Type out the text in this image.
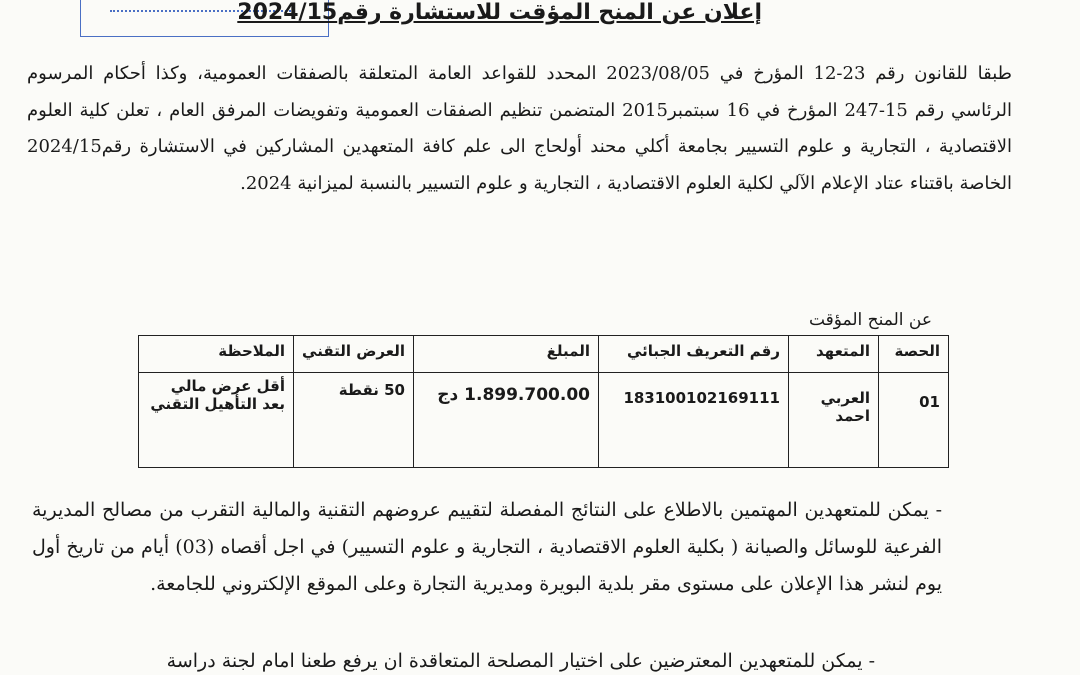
إعلان عن المنح المؤقت للاستشارة رقم2024/15
طبقا للقانون رقم 23-12 المؤرخ في 2023/08/05 المحدد للقواعد العامة المتعلقة بالصفقات العمومية، وكذا أحكام المرسوم الرئاسي رقم 15-247 المؤرخ في 16 سبتمبر2015 المتضمن تنظيم الصفقات العمومية وتفويضات المرفق العام ، تعلن كلية العلوم الاقتصادية ، التجارية و علوم التسيير بجامعة أكلي محند أولحاج الى علم كافة المتعهدين المشاركين في الاستشارة رقم2024/15 الخاصة باقتناء عتاد الإعلام الآلي لكلية العلوم الاقتصادية ، التجارية و علوم التسيير بالنسبة لميزانية 2024.
عن المنح المؤقت
الحصة	المتعهد	رقم التعريف الجبائي	المبلغ	العرض التقني	الملاحظة
01	العربي احمد	183100102169111	1.899.700.00 دج	50 نقطة	أقل عرض مالي بعد التأهيل التقني
- يمكن للمتعهدين المهتمين بالاطلاع على النتائج المفصلة لتقييم عروضهم التقنية والمالية التقرب من مصالح المديرية الفرعية للوسائل والصيانة ( بكلية العلوم الاقتصادية ، التجارية و علوم التسيير) في اجل أقصاه (03) أيام من تاريخ أول يوم لنشر هذا الإعلان على مستوى مقر بلدية البويرة ومديرية التجارة وعلى الموقع الإلكتروني للجامعة.
- يمكن للمتعهدين المعترضين على اختيار المصلحة المتعاقدة ان يرفع طعنا امام لجنة دراسة
